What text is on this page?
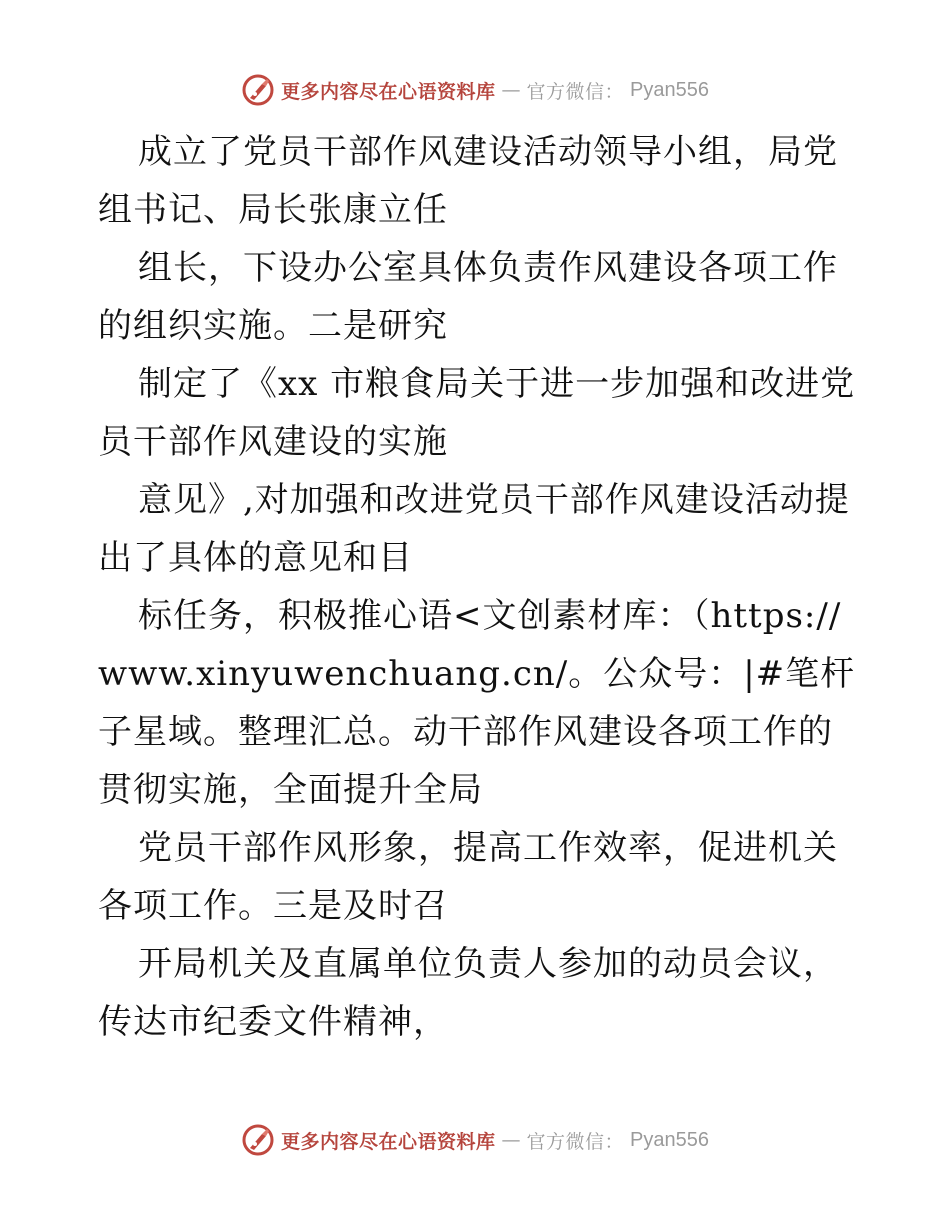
更多内容尽在心语资料库 — 官方微信： Pyan556

成立了党员干部作风建设活动领导小组，局党组书记、局长张康立任

组长，下设办公室具体负责作风建设各项工作的组织实施。二是研究

制定了《xx 市粮食局关于进一步加强和改进党员干部作风建设的实施

意见》,对加强和改进党员干部作风建设活动提出了具体的意见和目

标任务，积极推心语<文创素材库：（https://www.xinyuwenchuang.cn/。公众号：|#笔杆子星域。整理汇总。动干部作风建设各项工作的贯彻实施，全面提升全局

党员干部作风形象，提高工作效率，促进机关各项工作。三是及时召

开局机关及直属单位负责人参加的动员会议，传达市纪委文件精神，

更多内容尽在心语资料库 — 官方微信： Pyan556
